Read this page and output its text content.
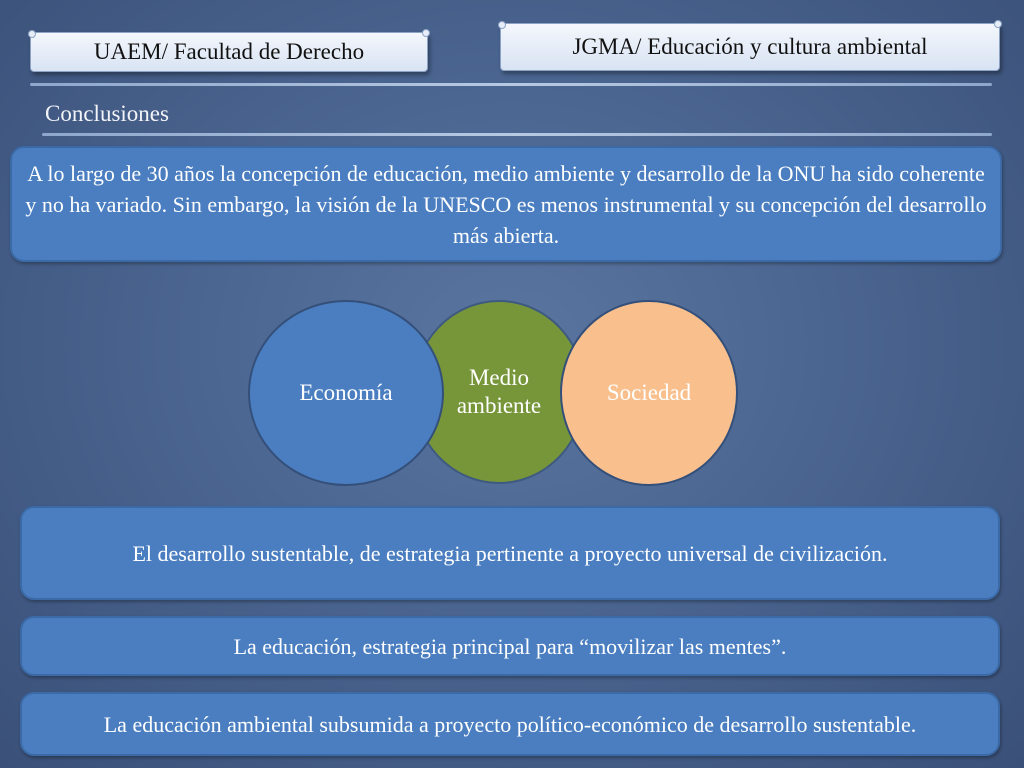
UAEM/ Facultad de Derecho	JGMA/ Educación y cultura ambiental
Conclusiones
A lo largo de 30 años la concepción de educación, medio ambiente y desarrollo de la ONU ha sido coherente y no ha variado. Sin embargo, la visión de la UNESCO es menos instrumental y su concepción del desarrollo más abierta.
Medio ambiente
Economía	Sociedad
El desarrollo sustentable, de estrategia pertinente a proyecto universal de civilización.
La educación, estrategia principal para “movilizar las mentes”.
La educación ambiental subsumida a proyecto político-económico de desarrollo sustentable.
